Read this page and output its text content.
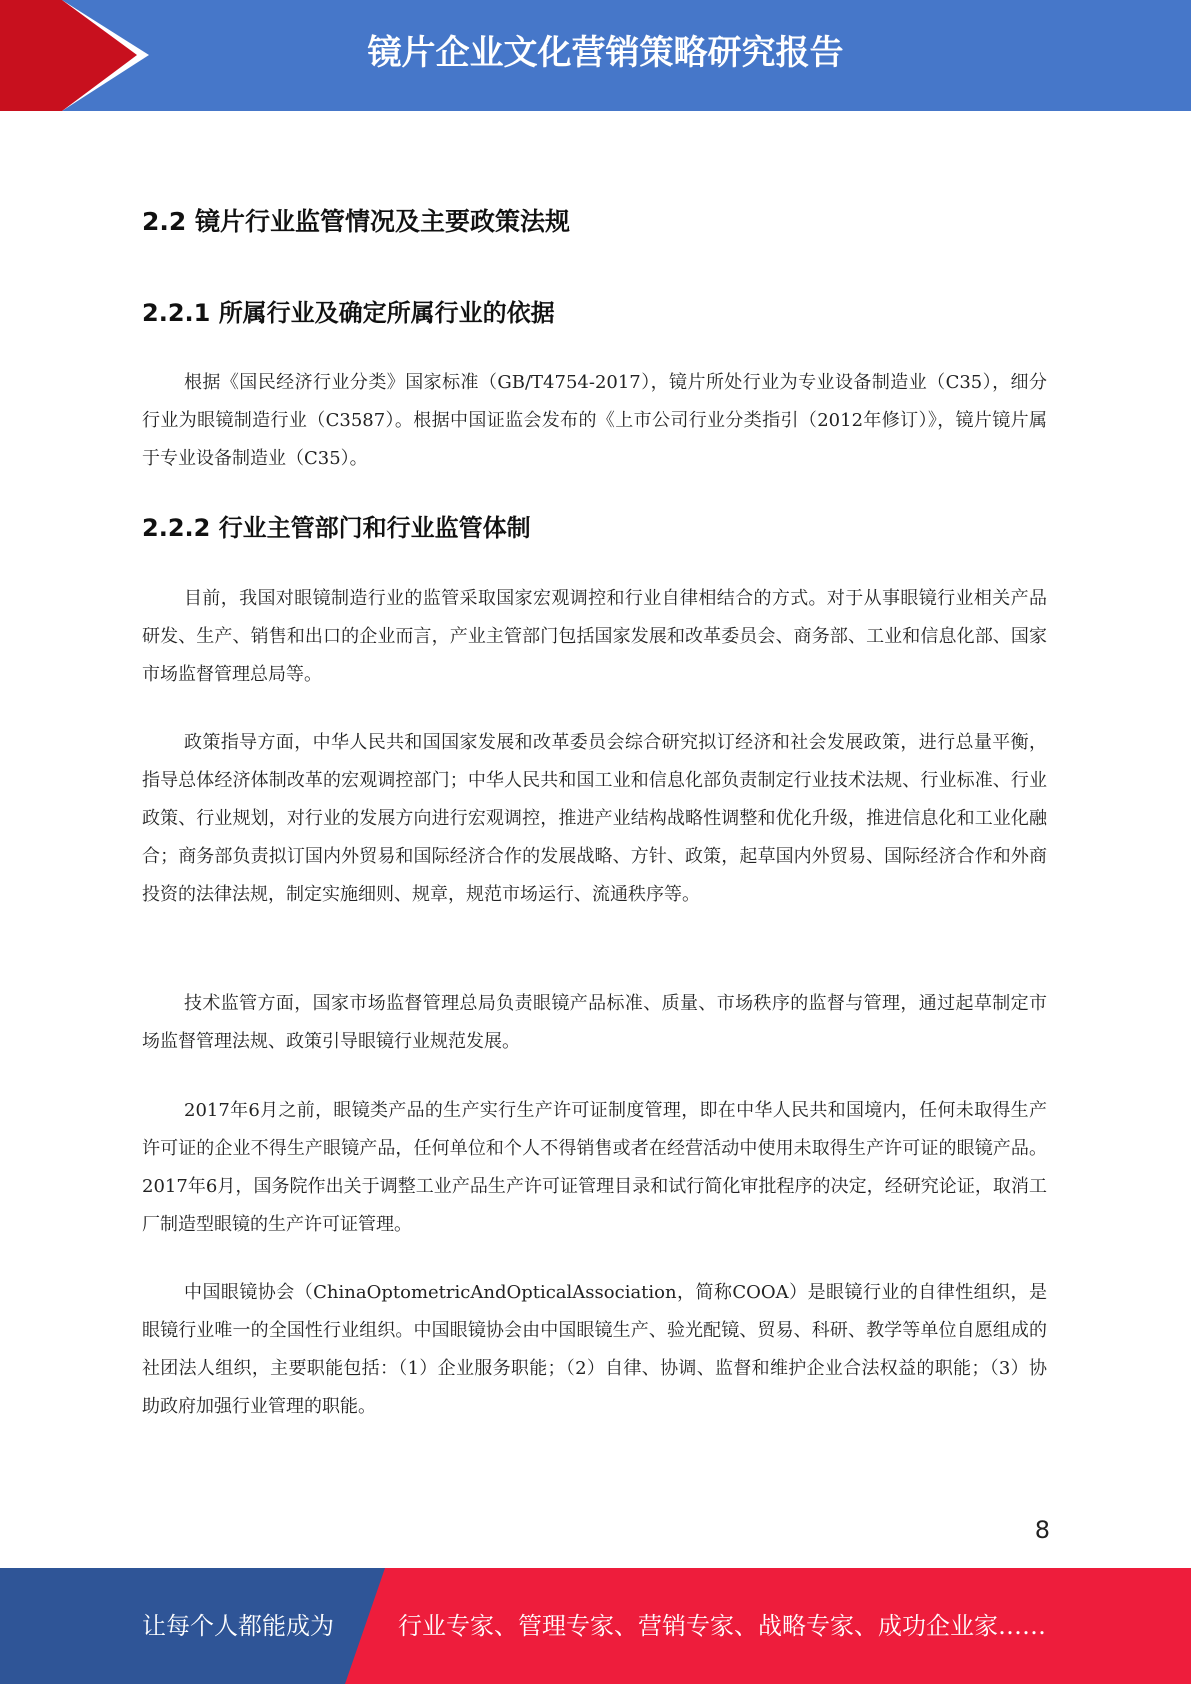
镜片企业文化营销策略研究报告
2.2 镜片行业监管情况及主要政策法规
2.2.1 所属行业及确定所属行业的依据

根据《国民经济行业分类》国家标准（GB/T4754-2017），镜片所处行业为专业设备制造业（C35），细分行业为眼镜制造行业（C3587）。根据中国证监会发布的《上市公司行业分类指引（2012年修订）》，镜片镜片属于专业设备制造业（C35）。

2.2.2 行业主管部门和行业监管体制

目前，我国对眼镜制造行业的监管采取国家宏观调控和行业自律相结合的方式。对于从事眼镜行业相关产品研发、生产、销售和出口的企业而言，产业主管部门包括国家发展和改革委员会、商务部、工业和信息化部、国家市场监督管理总局等。

政策指导方面，中华人民共和国国家发展和改革委员会综合研究拟订经济和社会发展政策，进行总量平衡，指导总体经济体制改革的宏观调控部门；中华人民共和国工业和信息化部负责制定行业技术法规、行业标准、行业政策、行业规划，对行业的发展方向进行宏观调控，推进产业结构战略性调整和优化升级，推进信息化和工业化融合；商务部负责拟订国内外贸易和国际经济合作的发展战略、方针、政策，起草国内外贸易、国际经济合作和外商投资的法律法规，制定实施细则、规章，规范市场运行、流通秩序等。

技术监管方面，国家市场监督管理总局负责眼镜产品标准、质量、市场秩序的监督与管理，通过起草制定市场监督管理法规、政策引导眼镜行业规范发展。

2017年6月之前，眼镜类产品的生产实行生产许可证制度管理，即在中华人民共和国境内，任何未取得生产许可证的企业不得生产眼镜产品，任何单位和个人不得销售或者在经营活动中使用未取得生产许可证的眼镜产品。2017年6月，国务院作出关于调整工业产品生产许可证管理目录和试行简化审批程序的决定，经研究论证，取消工厂制造型眼镜的生产许可证管理。

中国眼镜协会（ChinaOptometricAndOpticalAssociation，简称COOA）是眼镜行业的自律性组织，是眼镜行业唯一的全国性行业组织。中国眼镜协会由中国眼镜生产、验光配镜、贸易、科研、教学等单位自愿组成的社团法人组织，主要职能包括：（1）企业服务职能；（2）自律、协调、监督和维护企业合法权益的职能；（3）协助政府加强行业管理的职能。

8
让每个人都能成为	行业专家、管理专家、营销专家、战略专家、成功企业家……
